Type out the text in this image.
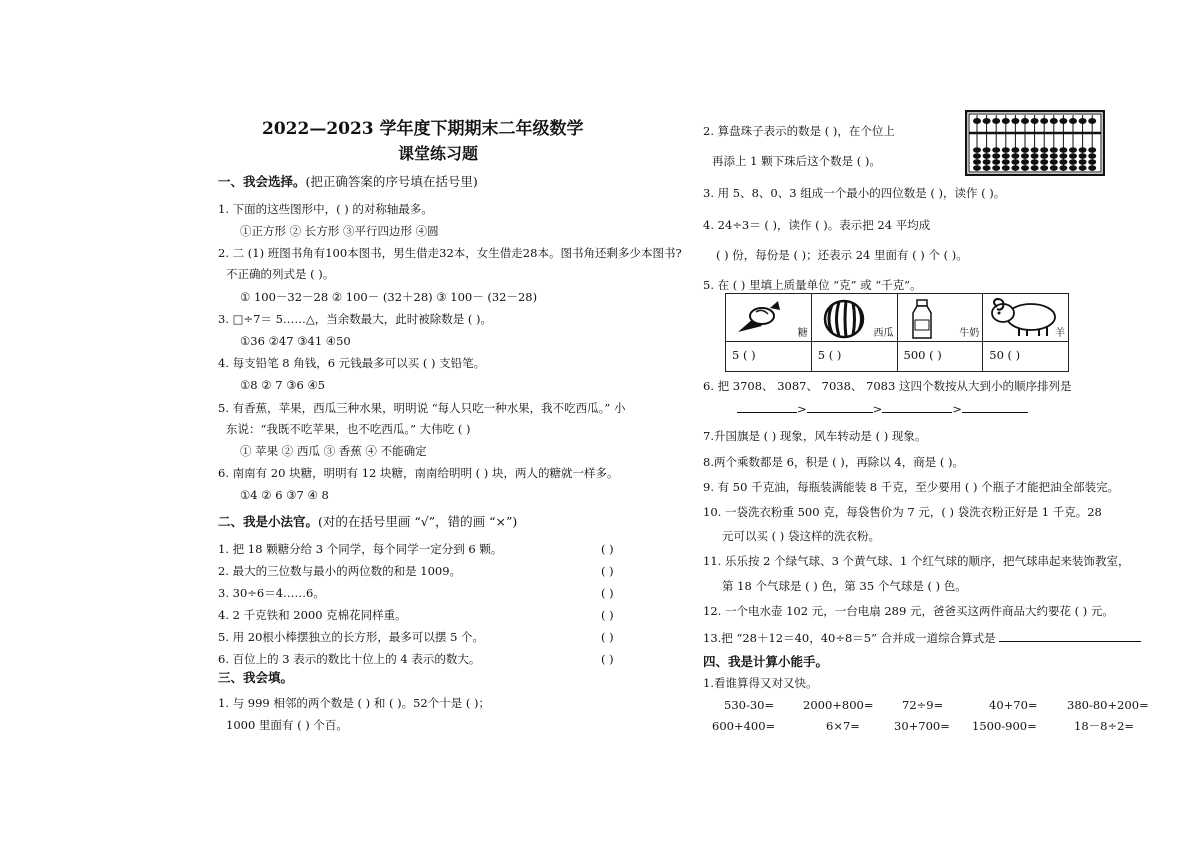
2022—2023 学年度下期期末二年级数学
课堂练习题
一、我会选择。(把正确答案的序号填在括号里)
1. 下面的这些图形中，( ) 的对称轴最多。
①正方形 ② 长方形 ③平行四边形 ④圆
2. 二 (1) 班图书角有100本图书，男生借走32本，女生借走28本。图书角还剩多少本图书?
不正确的列式是 ( )。
① 100－32－28 ② 100－ (32＋28) ③ 100－ (32－28)
3. □÷7＝ 5……△，当余数最大，此时被除数是 ( )。
①36 ②47 ③41 ④50
4. 每支铅笔 8 角钱，6 元钱最多可以买 ( ) 支铅笔。
①8 ② 7 ③6 ④5
5. 有香蕉，苹果，西瓜三种水果，明明说 “每人只吃一种水果，我不吃西瓜。” 小
东说：“我既不吃苹果，也不吃西瓜。” 大伟吃 ( )
① 苹果 ② 西瓜 ③ 香蕉 ④ 不能确定
6. 南南有 20 块糖，明明有 12 块糖，南南给明明 ( ) 块，两人的糖就一样多。
①4 ② 6 ③7 ④ 8
二、我是小法官。(对的在括号里画 “√”，错的画 “×”)
1. 把 18 颗糖分给 3 个同学，每个同学一定分到 6 颗。	( )
2. 最大的三位数与最小的两位数的和是 1009。	( )
3. 30÷6＝4……6。	( )
4. 2 千克铁和 2000 克棉花同样重。	( )
5. 用 20根小棒摆独立的长方形，最多可以摆 5 个。	( )
6. 百位上的 3 表示的数比十位上的 4 表示的数大。	( )
三、我会填。
1. 与 999 相邻的两个数是 ( ) 和 ( )。52个十是 ( )；
1000 里面有 ( ) 个百。
2. 算盘珠子表示的数是 ( )，在个位上
再添上 1 颗下珠后这个数是 ( )。
3. 用 5、8、0、3 组成一个最小的四位数是 ( )，读作 ( )。
4. 24÷3＝ ( )，读作 ( )。表示把 24 平均成
( ) 份，每份是 ( )；还表示 24 里面有 ( ) 个 ( )。
5. 在 ( ) 里填上质量单位 “克” 或 “千克”。
糖	西瓜	牛奶	羊

5 ( )	5 ( )	500 ( )	50 ( )
6. 把 3708、 3087、 7038、 7083 这四个数按从大到小的顺序排列是
>	>	>
7.升国旗是 ( ) 现象，风车转动是 ( ) 现象。
8.两个乘数都是 6，积是 ( )，再除以 4，商是 ( )。
9. 有 50 千克油，每瓶装满能装 8 千克，至少要用 ( ) 个瓶子才能把油全部装完。
10. 一袋洗衣粉重 500 克，每袋售价为 7 元，( ) 袋洗衣粉正好是 1 千克。28
元可以买 ( ) 袋这样的洗衣粉。
11. 乐乐按 2 个绿气球、3 个黄气球、1 个红气球的顺序，把气球串起来装饰教室，
第 18 个气球是 ( ) 色，第 35 个气球是 ( ) 色。
12. 一个电水壶 102 元，一台电扇 289 元，爸爸买这两件商品大约要花 ( ) 元。
13.把 “28＋12＝40，40÷8＝5” 合并成一道综合算式是
四、我是计算小能手。
1.看谁算得又对又快。
530-30=	2000+800= 72÷9=	40+70=	380-80+200=
600+400=	6×7=	30+700= 1500-900=	18－8÷2=
